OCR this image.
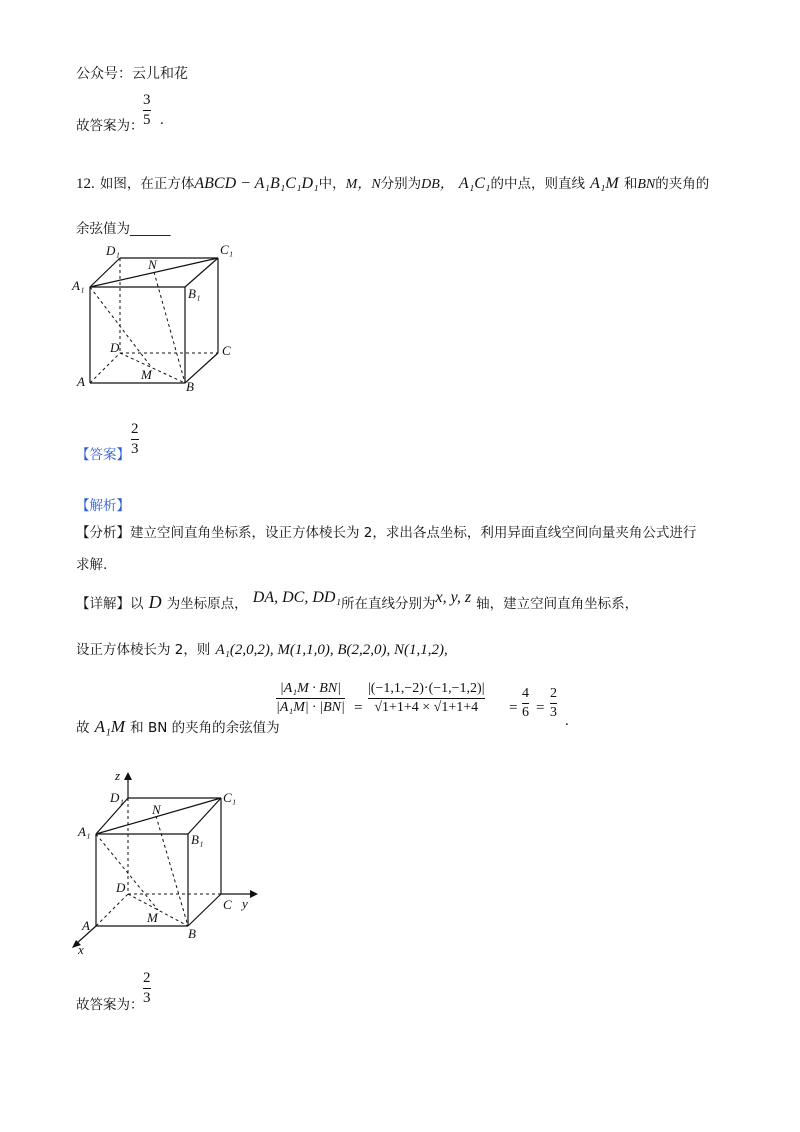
公众号：云儿和花
故答案为：
3
5 .
12. 如图，在正方体ABCD − A₁B₁C₁D₁中，M，N分别为DB， A₁C₁的中点，则直线 A₁M 和BN的夹角的
余弦值为______
D₁	C₁
N
A₁
B₁
D	C
M
A	B
【答案】
2
3
【解析】
【分析】建立空间直角坐标系，设正方体棱长为 2，求出各点坐标，利用异面直线空间向量夹角公式进行
求解.
【详解】以 D 为坐标原点， DA, DC, DD₁所在直线分别为x, y, z 轴，建立空间直角坐标系，
设正方体棱长为 2，则 A₁(2,0,2), M(1,1,0), B(2,2,0), N(1,1,2),
故 A₁M 和 BN 的夹角的余弦值为
|A₁M · BN|
|A₁M| · |BN| =
|(−1,1,−2)·(−1,−1,2)|
√1+1+4 × √1+1+4 =
4
6 =
2
3
.
z
D₁	C₁
N
A₁
B₁
D
C y
M
A
B
x
故答案为：
2
3
